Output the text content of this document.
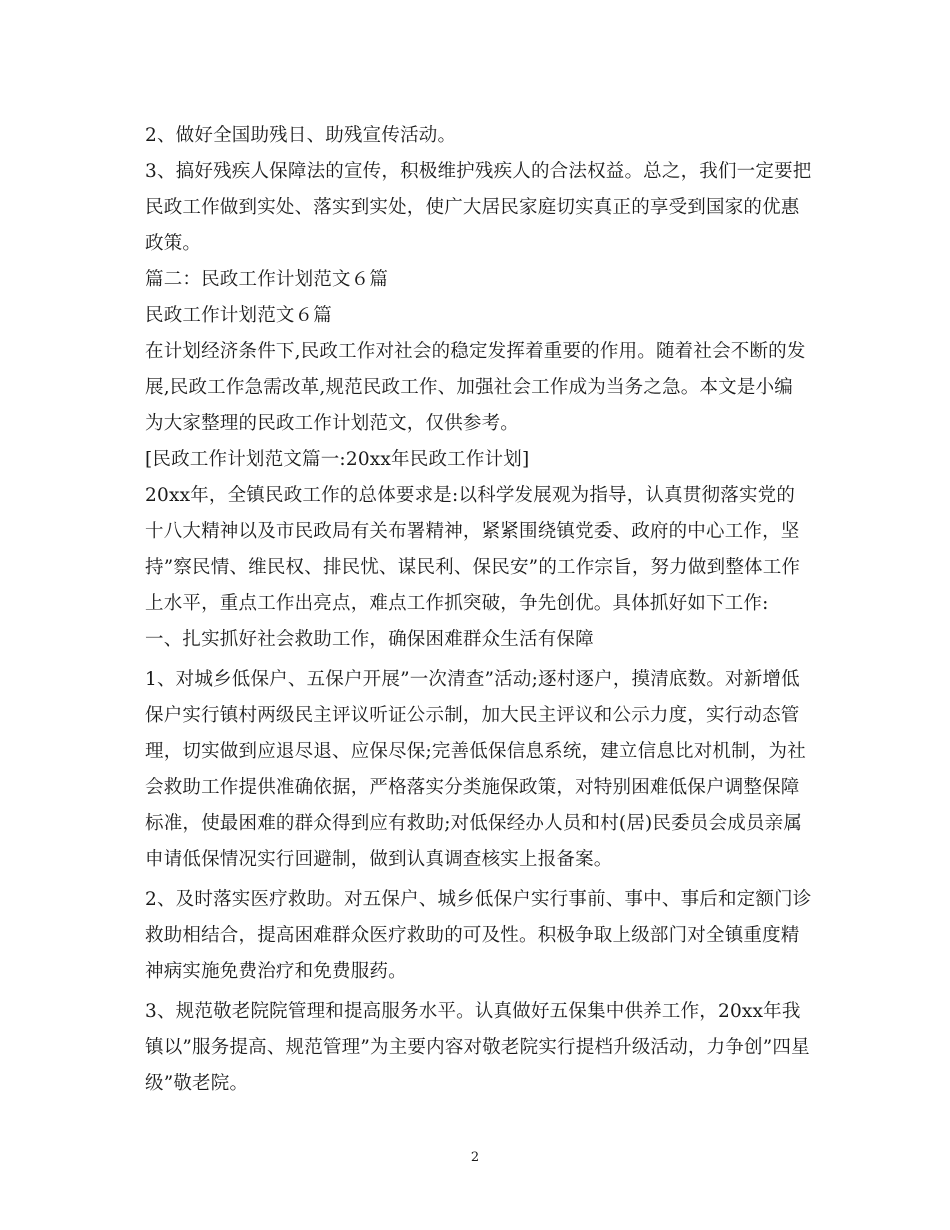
2、做好全国助残日、助残宣传活动。
3、搞好残疾人保障法的宣传，积极维护残疾人的合法权益。总之，我们一定要把
民政工作做到实处、落实到实处，使广大居民家庭切实真正的享受到国家的优惠
政策。
篇二：民政工作计划范文６篇
民政工作计划范文６篇
在计划经济条件下,民政工作对社会的稳定发挥着重要的作用。随着社会不断的发
展,民政工作急需改革,规范民政工作、加强社会工作成为当务之急。本文是小编
为大家整理的民政工作计划范文，仅供参考。
[民政工作计划范文篇一:20xx年民政工作计划]
20xx年，全镇民政工作的总体要求是:以科学发展观为指导，认真贯彻落实党的
十八大精神以及市民政局有关布署精神，紧紧围绕镇党委、政府的中心工作，坚
持”察民情、维民权、排民忧、谋民利、保民安”的工作宗旨，努力做到整体工作
上水平，重点工作出亮点，难点工作抓突破，争先创优。具体抓好如下工作:
一、扎实抓好社会救助工作，确保困难群众生活有保障
1、对城乡低保户、五保户开展”一次清查”活动;逐村逐户，摸清底数。对新增低
保户实行镇村两级民主评议听证公示制，加大民主评议和公示力度，实行动态管
理，切实做到应退尽退、应保尽保;完善低保信息系统，建立信息比对机制，为社
会救助工作提供准确依据，严格落实分类施保政策，对特别困难低保户调整保障
标准，使最困难的群众得到应有救助;对低保经办人员和村(居)民委员会成员亲属
申请低保情况实行回避制，做到认真调查核实上报备案。
2、及时落实医疗救助。对五保户、城乡低保户实行事前、事中、事后和定额门诊
救助相结合，提高困难群众医疗救助的可及性。积极争取上级部门对全镇重度精
神病实施免费治疗和免费服药。
3、规范敬老院院管理和提高服务水平。认真做好五保集中供养工作，20xx年我
镇以”服务提高、规范管理”为主要内容对敬老院实行提档升级活动，力争创”四星
级”敬老院。
2
